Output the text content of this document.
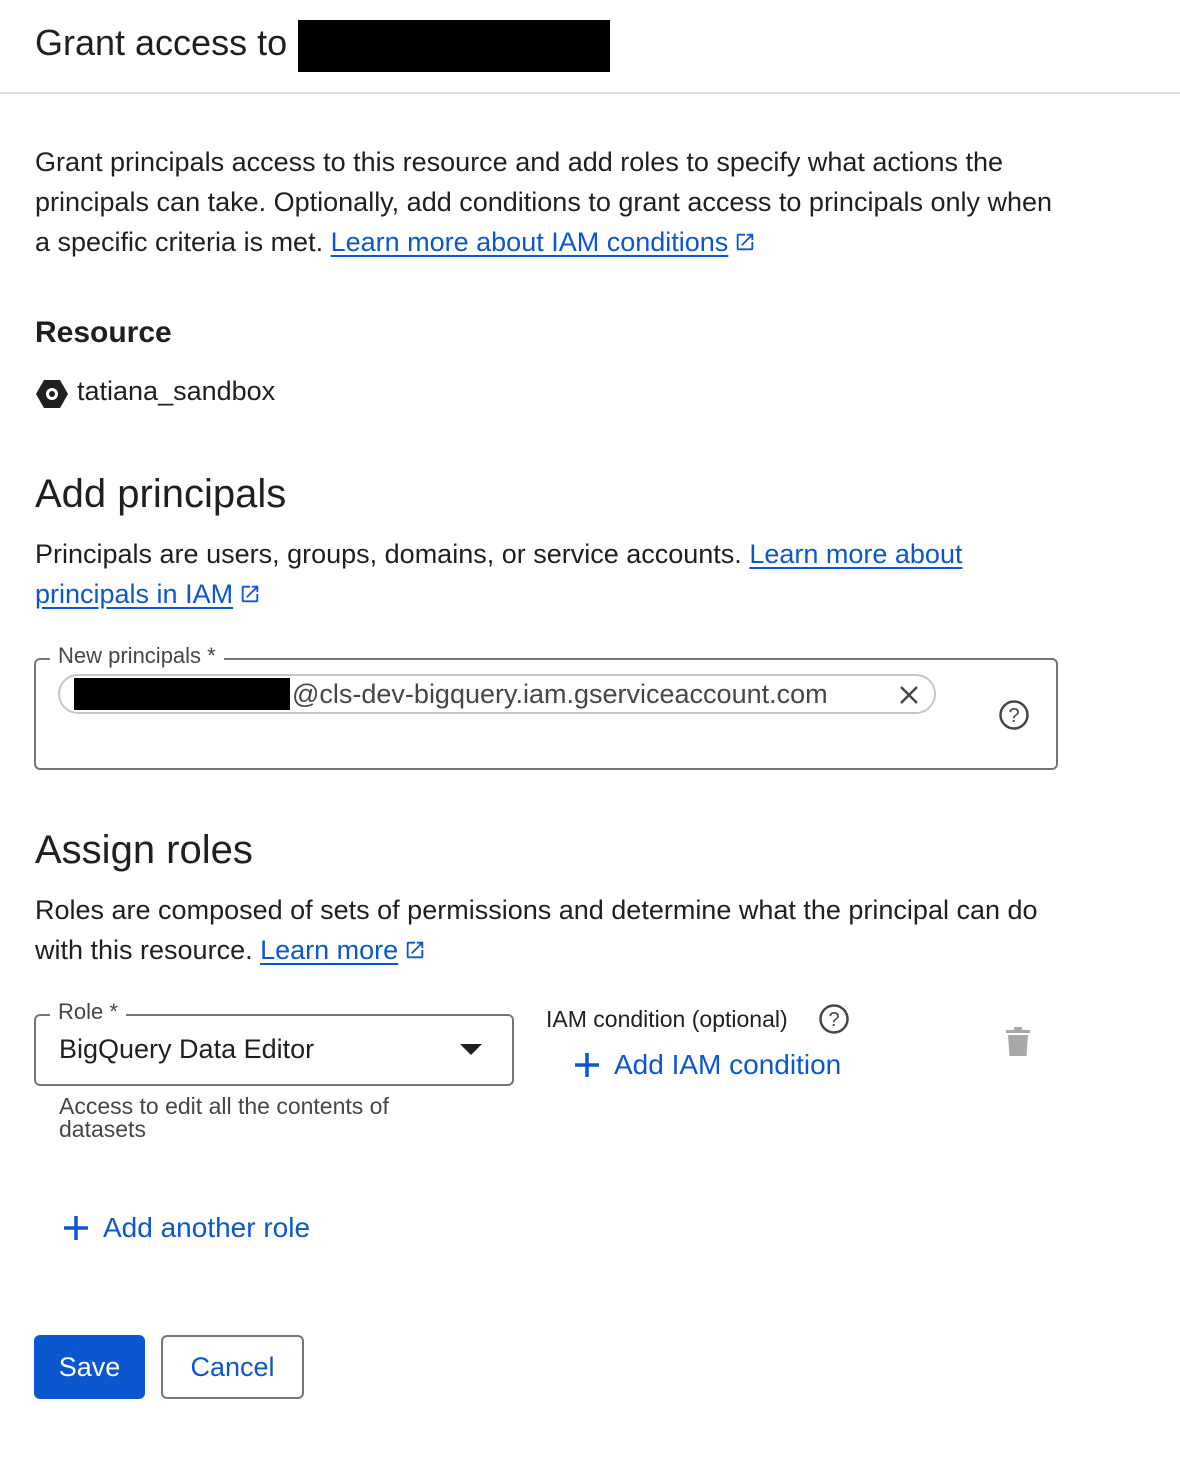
Grant access to
Grant principals access to this resource and add roles to specify what actions the principals can take. Optionally, add conditions to grant access to principals only when a specific criteria is met. Learn more about IAM conditions
Resource
tatiana_sandbox
Add principals
Principals are users, groups, domains, or service accounts. Learn more about principals in IAM
New principals *
@cls-dev-bigquery.iam.gserviceaccount.com
?
Assign roles
Roles are composed of sets of permissions and determine what the principal can do with this resource. Learn more
BigQuery Data Editor
Role *
Access to edit all the contents of datasets
IAM condition (optional) ?
Add IAM condition
Add another role
Save	Cancel
